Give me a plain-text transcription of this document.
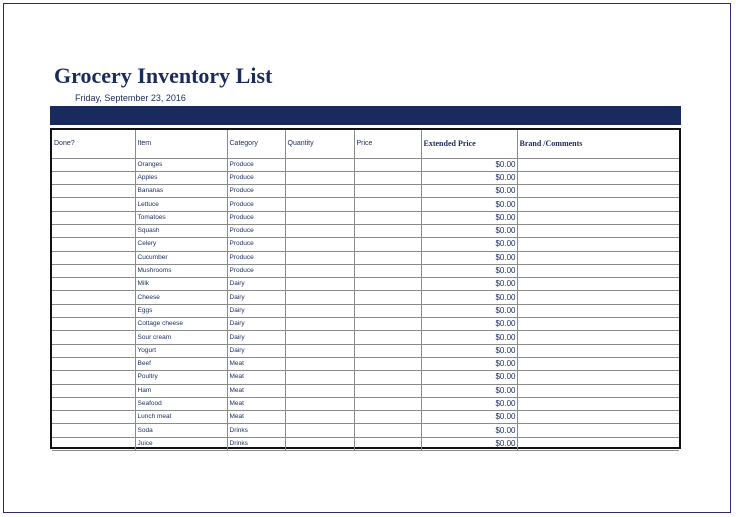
Grocery Inventory List
Friday, September 23, 2016
Done?	Item	Category	Quantity	Price	Extended Price	Brand /Comments
	Oranges	Produce			$0.00	
	Apples	Produce			$0.00	
	Bananas	Produce			$0.00	
	Lettuce	Produce			$0.00	
	Tomatoes	Produce			$0.00	
	Squash	Produce			$0.00	
	Celery	Produce			$0.00	
	Cucumber	Produce			$0.00	
	Mushrooms	Produce			$0.00	
	Milk	Dairy			$0.00	
	Cheese	Dairy			$0.00	
	Eggs	Dairy			$0.00	
	Cottage cheese	Dairy			$0.00	
	Sour cream	Dairy			$0.00	
	Yogurt	Dairy			$0.00	
	Beef	Meat			$0.00	
	Poultry	Meat			$0.00	
	Ham	Meat			$0.00	
	Seafood	Meat			$0.00	
	Lunch meat	Meat			$0.00	
	Soda	Drinks			$0.00	
	Juice	Drinks			$0.00	
